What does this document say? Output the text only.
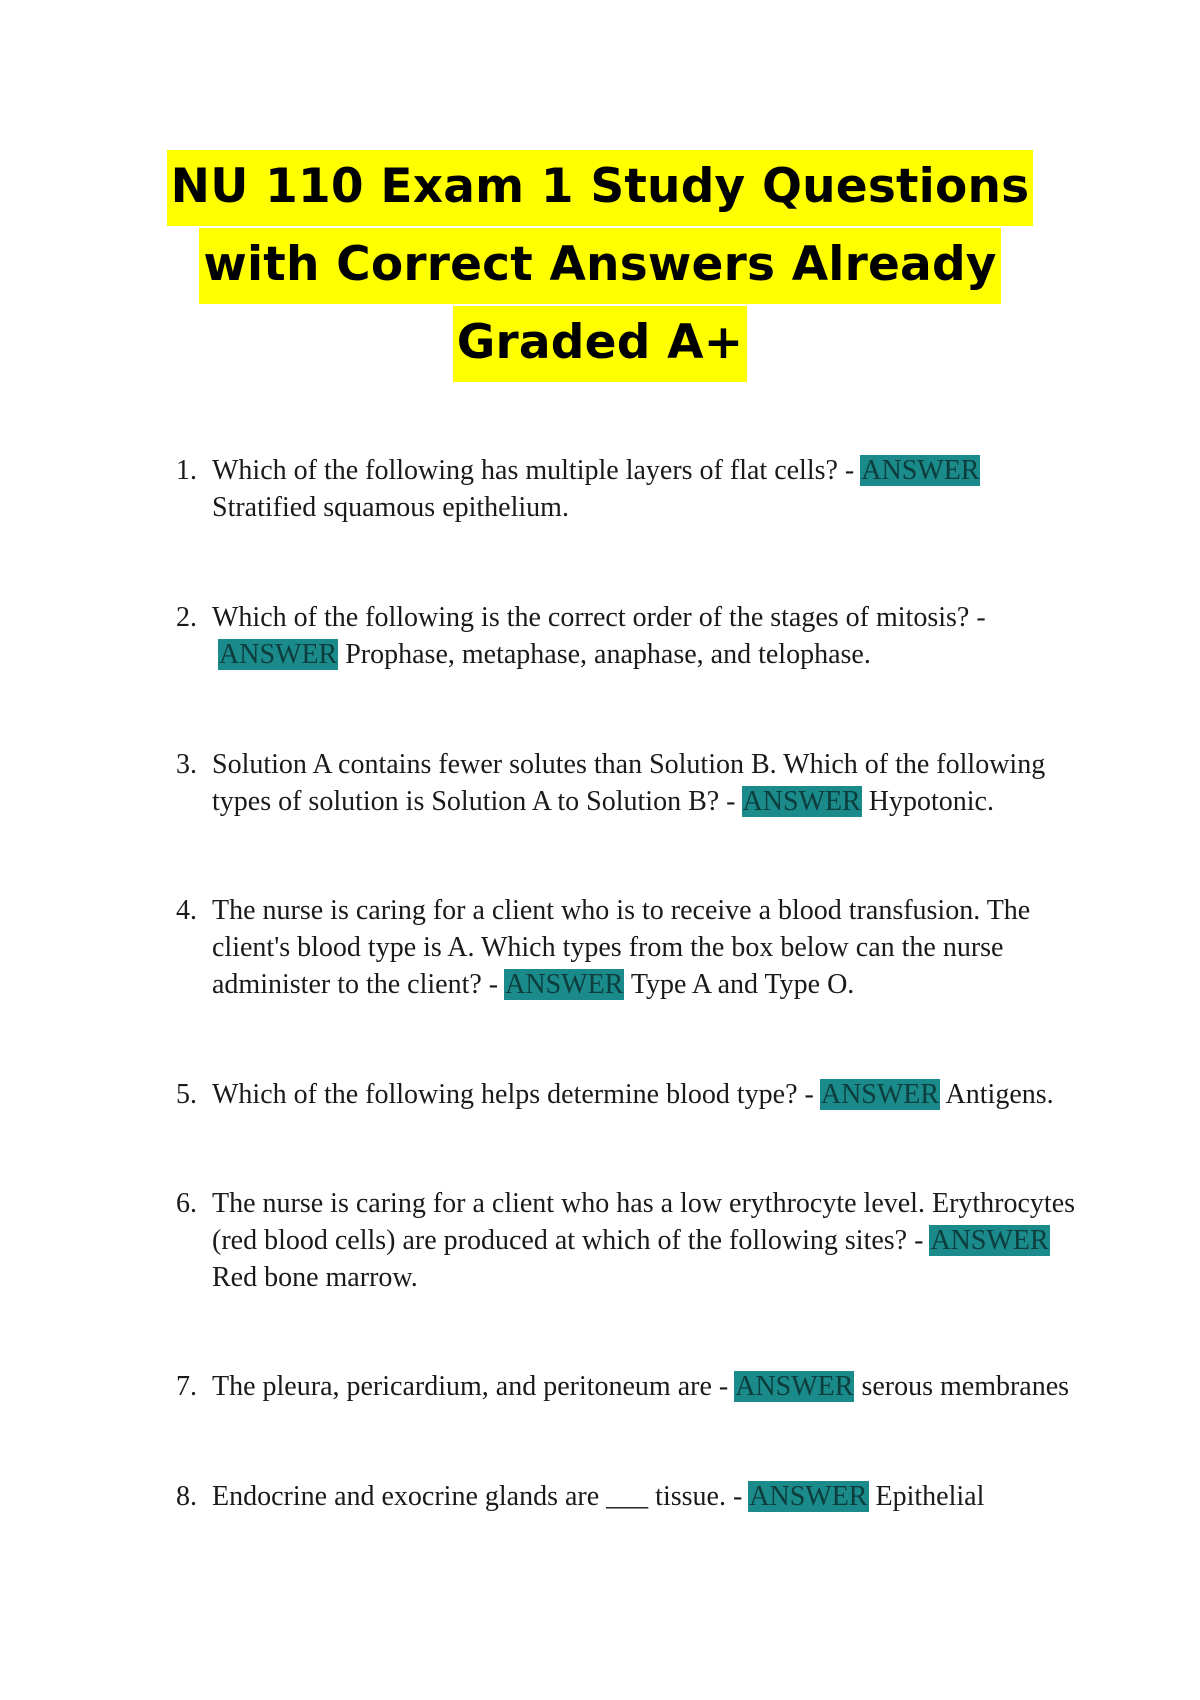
NU 110 Exam 1 Study Questions
with Correct Answers Already
Graded A+
1. Which of the following has multiple layers of flat cells? - ANSWER Stratified squamous epithelium.
2. Which of the following is the correct order of the stages of mitosis? -ANSWER Prophase, metaphase, anaphase, and telophase.
3. Solution A contains fewer solutes than Solution B. Which of the following types of solution is Solution A to Solution B? - ANSWER Hypotonic.
4. The nurse is caring for a client who is to receive a blood transfusion. The client's blood type is A. Which types from the box below can the nurse administer to the client? - ANSWER Type A and Type O.
5. Which of the following helps determine blood type? - ANSWER Antigens.
6. The nurse is caring for a client who has a low erythrocyte level. Erythrocytes (red blood cells) are produced at which of the following sites? - ANSWER Red bone marrow.
7. The pleura, pericardium, and peritoneum are - ANSWER serous membranes
8. Endocrine and exocrine glands are ___ tissue. - ANSWER Epithelial
